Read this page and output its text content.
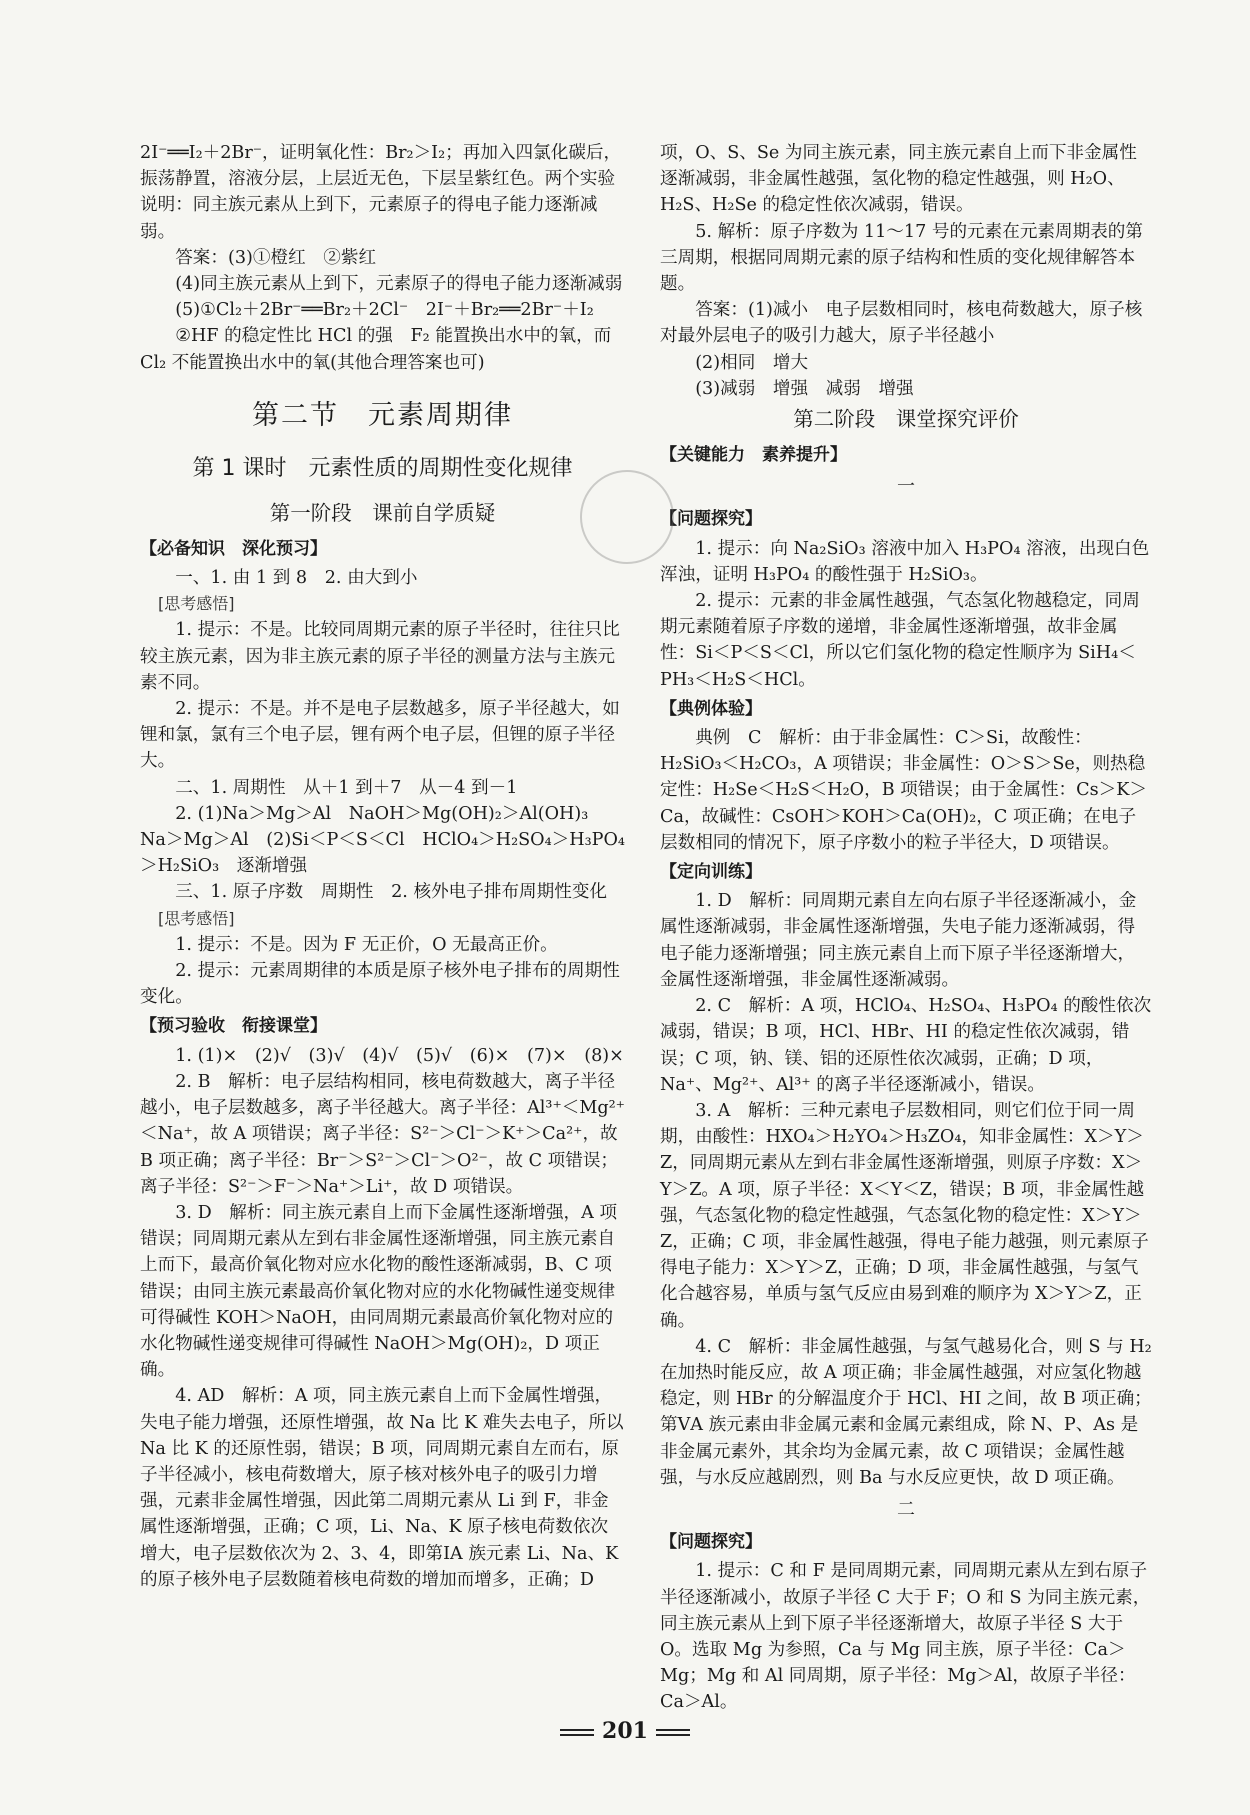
2I⁻══I₂＋2Br⁻，证明氧化性：Br₂＞I₂；再加入四氯化碳后，振荡静置，溶液分层，上层近无色，下层呈紫红色。两个实验说明：同主族元素从上到下，元素原子的得电子能力逐渐减弱。

答案：(3)①橙红　②紫红

(4)同主族元素从上到下，元素原子的得电子能力逐渐减弱

(5)①Cl₂＋2Br⁻══Br₂＋2Cl⁻　2I⁻＋Br₂══2Br⁻＋I₂

②HF 的稳定性比 HCl 的强　F₂ 能置换出水中的氧，而 Cl₂ 不能置换出水中的氧(其他合理答案也可)

第二节　元素周期律

第 1 课时　元素性质的周期性变化规律

第一阶段　课前自学质疑

【必备知识　深化预习】

一、1. 由 1 到 8　2. 由大到小

[思考感悟]

1. 提示：不是。比较同周期元素的原子半径时，往往只比较主族元素，因为非主族元素的原子半径的测量方法与主族元素不同。

2. 提示：不是。并不是电子层数越多，原子半径越大，如锂和氯，氯有三个电子层，锂有两个电子层，但锂的原子半径大。

二、1. 周期性　从＋1 到＋7　从－4 到－1

2. (1)Na＞Mg＞Al　NaOH＞Mg(OH)₂＞Al(OH)₃　Na＞Mg＞Al　(2)Si＜P＜S＜Cl　HClO₄＞H₂SO₄＞H₃PO₄＞H₂SiO₃　逐渐增强

三、1. 原子序数　周期性　2. 核外电子排布周期性变化

[思考感悟]

1. 提示：不是。因为 F 无正价，O 无最高正价。

2. 提示：元素周期律的本质是原子核外电子排布的周期性变化。

【预习验收　衔接课堂】

1. (1)×　(2)√　(3)√　(4)√　(5)√　(6)×　(7)×　(8)×

2. B　解析：电子层结构相同，核电荷数越大，离子半径越小，电子层数越多，离子半径越大。离子半径：Al³⁺＜Mg²⁺＜Na⁺，故 A 项错误；离子半径：S²⁻＞Cl⁻＞K⁺＞Ca²⁺，故 B 项正确；离子半径：Br⁻＞S²⁻＞Cl⁻＞O²⁻，故 C 项错误；离子半径：S²⁻＞F⁻＞Na⁺＞Li⁺，故 D 项错误。

3. D　解析：同主族元素自上而下金属性逐渐增强，A 项错误；同周期元素从左到右非金属性逐渐增强，同主族元素自上而下，最高价氧化物对应水化物的酸性逐渐减弱，B、C 项错误；由同主族元素最高价氧化物对应的水化物碱性递变规律可得碱性 KOH＞NaOH，由同周期元素最高价氧化物对应的水化物碱性递变规律可得碱性 NaOH＞Mg(OH)₂，D 项正确。

4. AD　解析：A 项，同主族元素自上而下金属性增强，失电子能力增强，还原性增强，故 Na 比 K 难失去电子，所以 Na 比 K 的还原性弱，错误；B 项，同周期元素自左而右，原子半径减小，核电荷数增大，原子核对核外电子的吸引力增强，元素非金属性增强，因此第二周期元素从 Li 到 F，非金属性逐渐增强，正确；C 项，Li、Na、K 原子核电荷数依次增大，电子层数依次为 2、3、4，即第ⅠA 族元素 Li、Na、K 的原子核外电子层数随着核电荷数的增加而增多，正确；D

项，O、S、Se 为同主族元素，同主族元素自上而下非金属性逐渐减弱，非金属性越强，氢化物的稳定性越强，则 H₂O、H₂S、H₂Se 的稳定性依次减弱，错误。

5. 解析：原子序数为 11～17 号的元素在元素周期表的第三周期，根据同周期元素的原子结构和性质的变化规律解答本题。

答案：(1)减小　电子层数相同时，核电荷数越大，原子核对最外层电子的吸引力越大，原子半径越小

(2)相同　增大

(3)减弱　增强　减弱　增强

第二阶段　课堂探究评价

【关键能力　素养提升】

一

【问题探究】

1. 提示：向 Na₂SiO₃ 溶液中加入 H₃PO₄ 溶液，出现白色浑浊，证明 H₃PO₄ 的酸性强于 H₂SiO₃。

2. 提示：元素的非金属性越强，气态氢化物越稳定，同周期元素随着原子序数的递增，非金属性逐渐增强，故非金属性：Si＜P＜S＜Cl，所以它们氢化物的稳定性顺序为 SiH₄＜PH₃＜H₂S＜HCl。

【典例体验】

典例　C　解析：由于非金属性：C＞Si，故酸性：H₂SiO₃＜H₂CO₃，A 项错误；非金属性：O＞S＞Se，则热稳定性：H₂Se＜H₂S＜H₂O，B 项错误；由于金属性：Cs＞K＞Ca，故碱性：CsOH＞KOH＞Ca(OH)₂，C 项正确；在电子层数相同的情况下，原子序数小的粒子半径大，D 项错误。

【定向训练】

1. D　解析：同周期元素自左向右原子半径逐渐减小，金属性逐渐减弱，非金属性逐渐增强，失电子能力逐渐减弱，得电子能力逐渐增强；同主族元素自上而下原子半径逐渐增大，金属性逐渐增强，非金属性逐渐减弱。

2. C　解析：A 项，HClO₄、H₂SO₄、H₃PO₄ 的酸性依次减弱，错误；B 项，HCl、HBr、HI 的稳定性依次减弱，错误；C 项，钠、镁、铝的还原性依次减弱，正确；D 项，Na⁺、Mg²⁺、Al³⁺ 的离子半径逐渐减小，错误。

3. A　解析：三种元素电子层数相同，则它们位于同一周期，由酸性：HXO₄＞H₂YO₄＞H₃ZO₄，知非金属性：X＞Y＞Z，同周期元素从左到右非金属性逐渐增强，则原子序数：X＞Y＞Z。A 项，原子半径：X＜Y＜Z，错误；B 项，非金属性越强，气态氢化物的稳定性越强，气态氢化物的稳定性：X＞Y＞Z，正确；C 项，非金属性越强，得电子能力越强，则元素原子得电子能力：X＞Y＞Z，正确；D 项，非金属性越强，与氢气化合越容易，单质与氢气反应由易到难的顺序为 X＞Y＞Z，正确。

4. C　解析：非金属性越强，与氢气越易化合，则 S 与 H₂ 在加热时能反应，故 A 项正确；非金属性越强，对应氢化物越稳定，则 HBr 的分解温度介于 HCl、HI 之间，故 B 项正确；第ⅤA 族元素由非金属元素和金属元素组成，除 N、P、As 是非金属元素外，其余均为金属元素，故 C 项错误；金属性越强，与水反应越剧烈，则 Ba 与水反应更快，故 D 项正确。

二

【问题探究】

1. 提示：C 和 F 是同周期元素，同周期元素从左到右原子半径逐渐减小，故原子半径 C 大于 F；O 和 S 为同主族元素，同主族元素从上到下原子半径逐渐增大，故原子半径 S 大于 O。选取 Mg 为参照，Ca 与 Mg 同主族，原子半径：Ca＞Mg；Mg 和 Al 同周期，原子半径：Mg＞Al，故原子半径：Ca＞Al。

201
